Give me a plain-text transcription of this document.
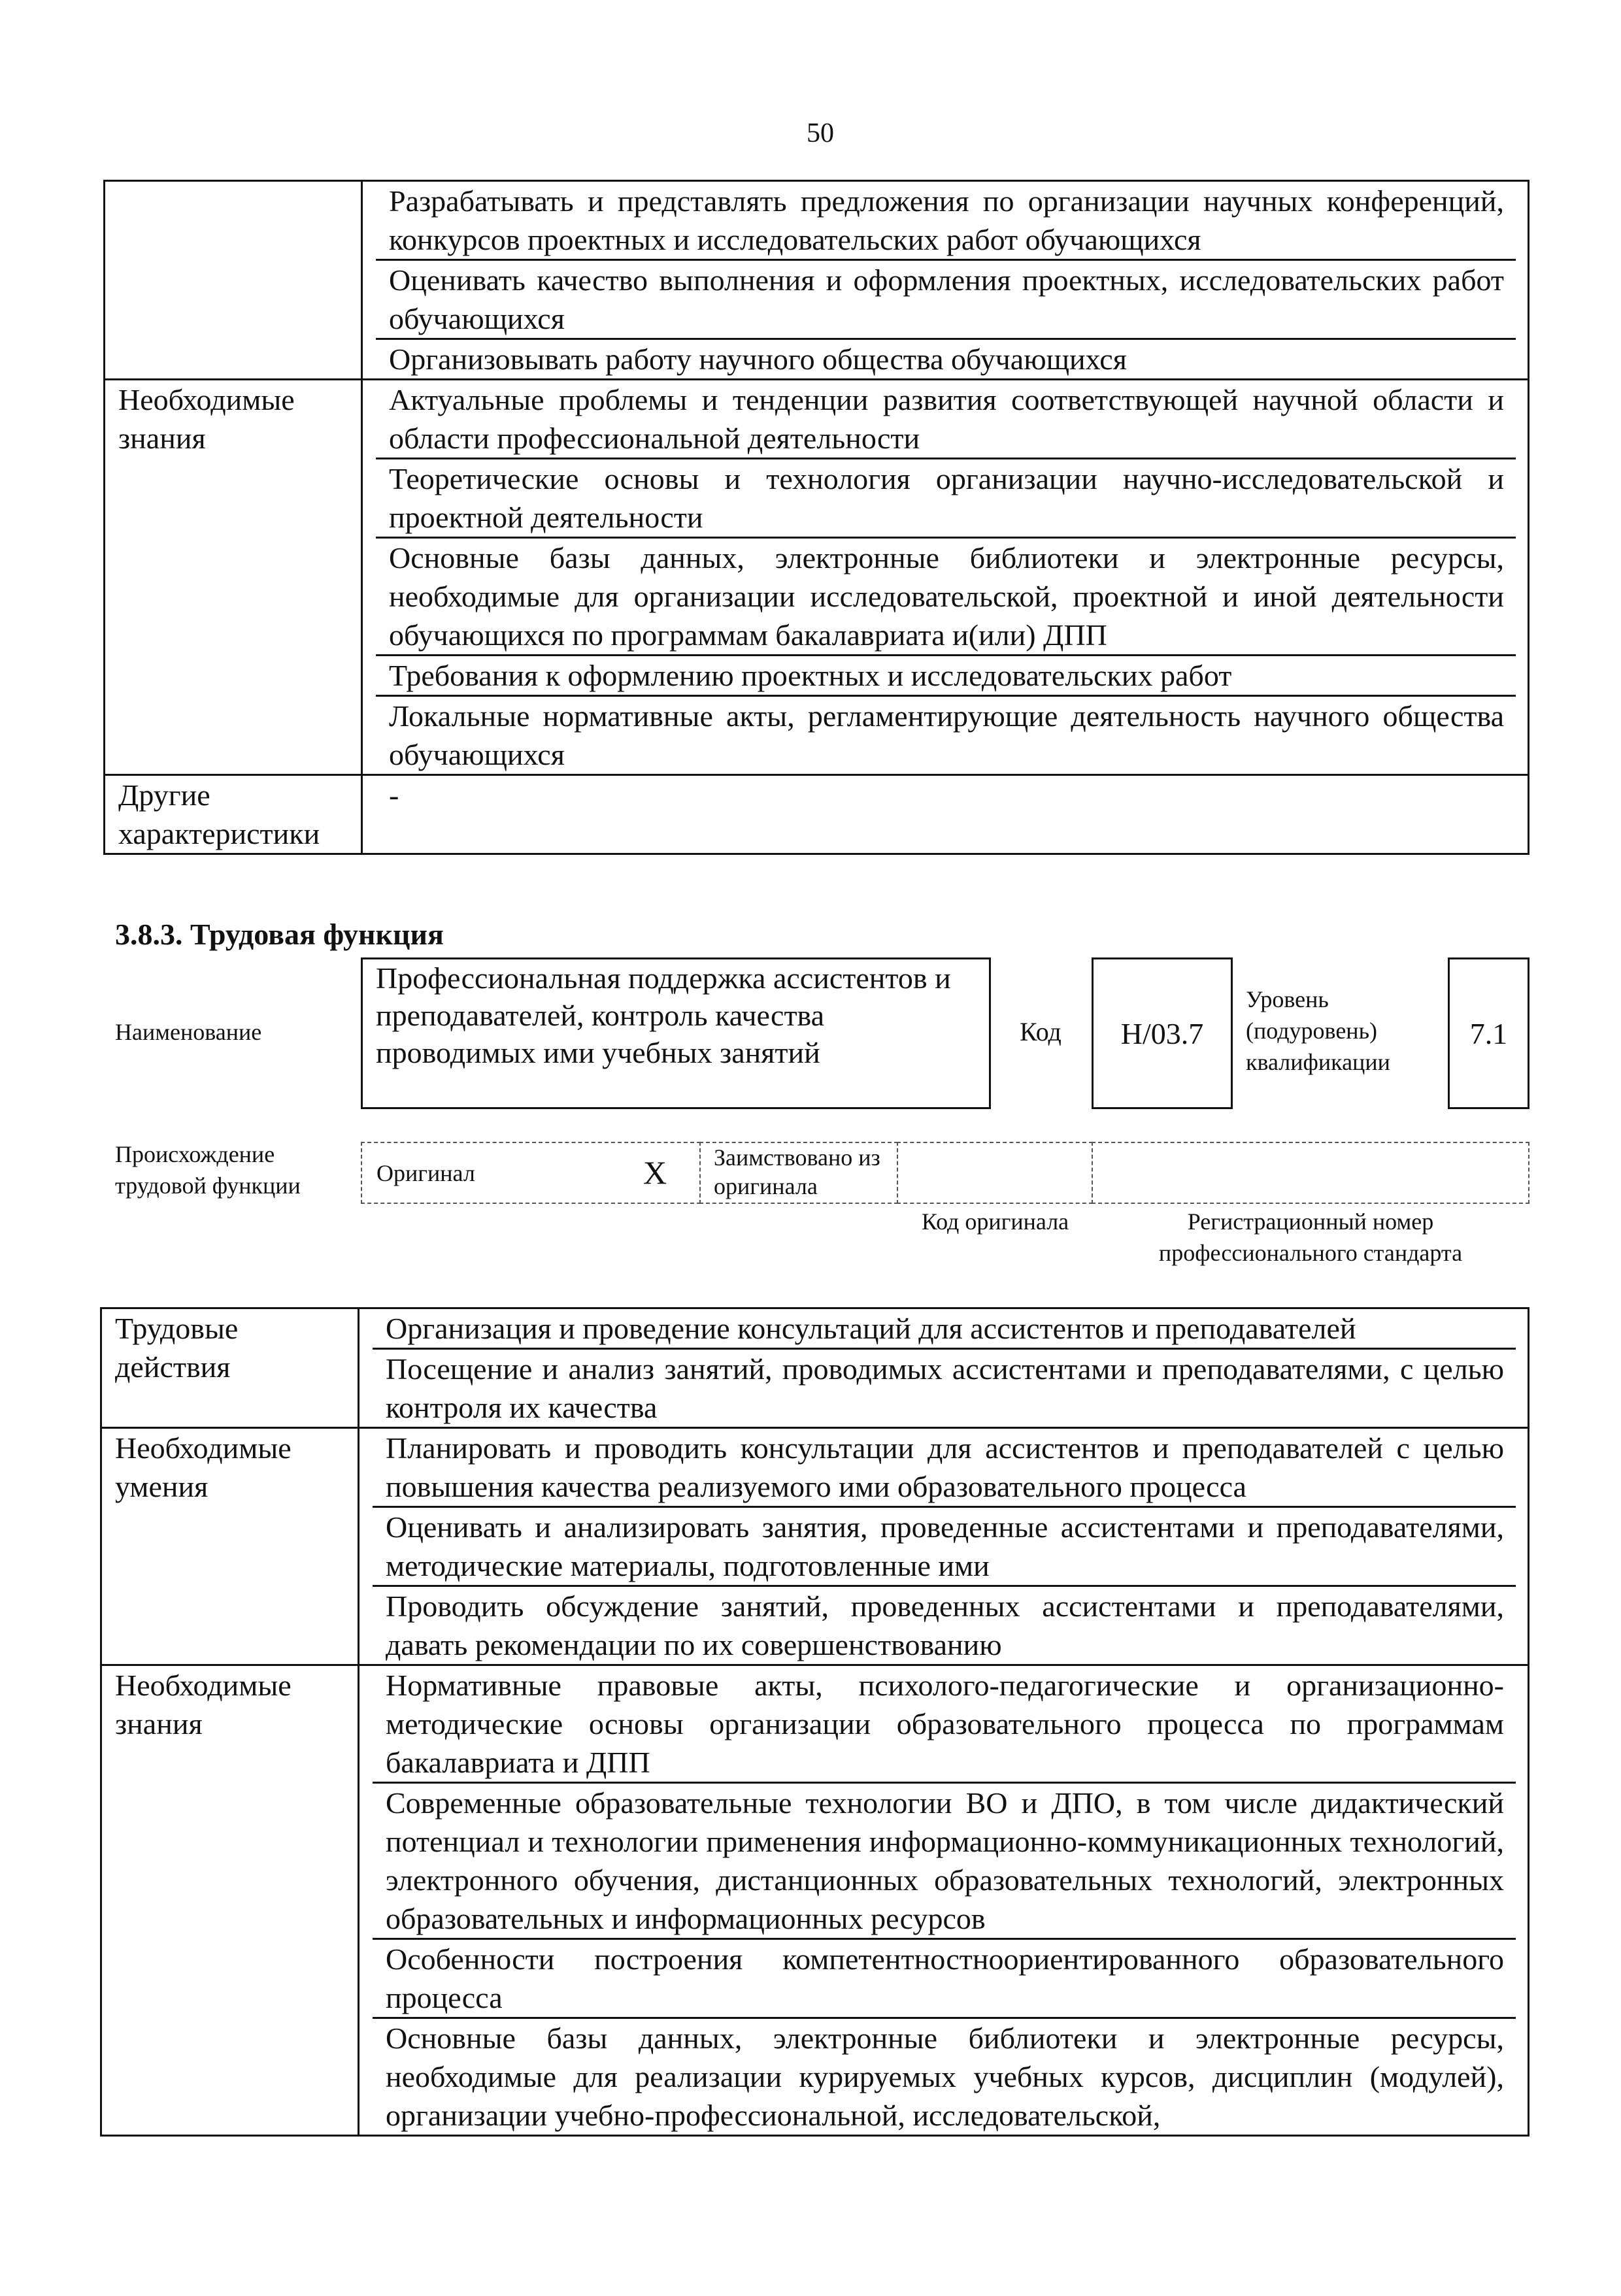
50

	Разрабатывать и представлять предложения по организации научных конференций, конкурсов проектных и исследовательских работ обучающихся
Оценивать качество выполнения и оформления проектных, исследовательских работ обучающихся
Организовывать работу научного общества обучающихся

Необходимые знания	Актуальные проблемы и тенденции развития соответствующей научной области и области профессиональной деятельности
Теоретические основы и технология организации научно-исследовательской и проектной деятельности
Основные базы данных, электронные библиотеки и электронные ресурсы, необходимые для организации исследовательской, проектной и иной деятельности обучающихся по программам бакалавриата и(или) ДПП
Требования к оформлению проектных и исследовательских работ
Локальные нормативные акты, регламентирующие деятельность научного общества обучающихся

Другие характеристики	-
3.8.3. Трудовая функция
Наименование
Профессиональная поддержка ассистентов и преподавателей, контроль качества проводимых ими учебных занятий
Код	Н/03.7
Уровень (подуровень) квалификации
7.1
Происхождение трудовой функции	Оригинал	X	Заимствовано из оригинала
Код оригинала	Регистрационный номер профессионального стандарта
Трудовые действия	Организация и проведение консультаций для ассистентов и преподавателей
Посещение и анализ занятий, проводимых ассистентами и преподавателями, с целью контроля их качества

Необходимые умения	Планировать и проводить консультации для ассистентов и преподавателей с целью повышения качества реализуемого ими образовательного процесса
Оценивать и анализировать занятия, проведенные ассистентами и преподавателями, методические материалы, подготовленные ими
Проводить обсуждение занятий, проведенных ассистентами и преподавателями, давать рекомендации по их совершенствованию

Необходимые знания	Нормативные правовые акты, психолого-педагогические и организационно-методические основы организации образовательного процесса по программам бакалавриата и ДПП
Современные образовательные технологии ВО и ДПО, в том числе дидактический потенциал и технологии применения информационно-коммуникационных технологий, электронного обучения, дистанционных образовательных технологий, электронных образовательных и информационных ресурсов
Особенности построения компетентностноориентированного образовательного процесса
Основные базы данных, электронные библиотеки и электронные ресурсы, необходимые для реализации курируемых учебных курсов, дисциплин (модулей), организации учебно-профессиональной, исследовательской,
